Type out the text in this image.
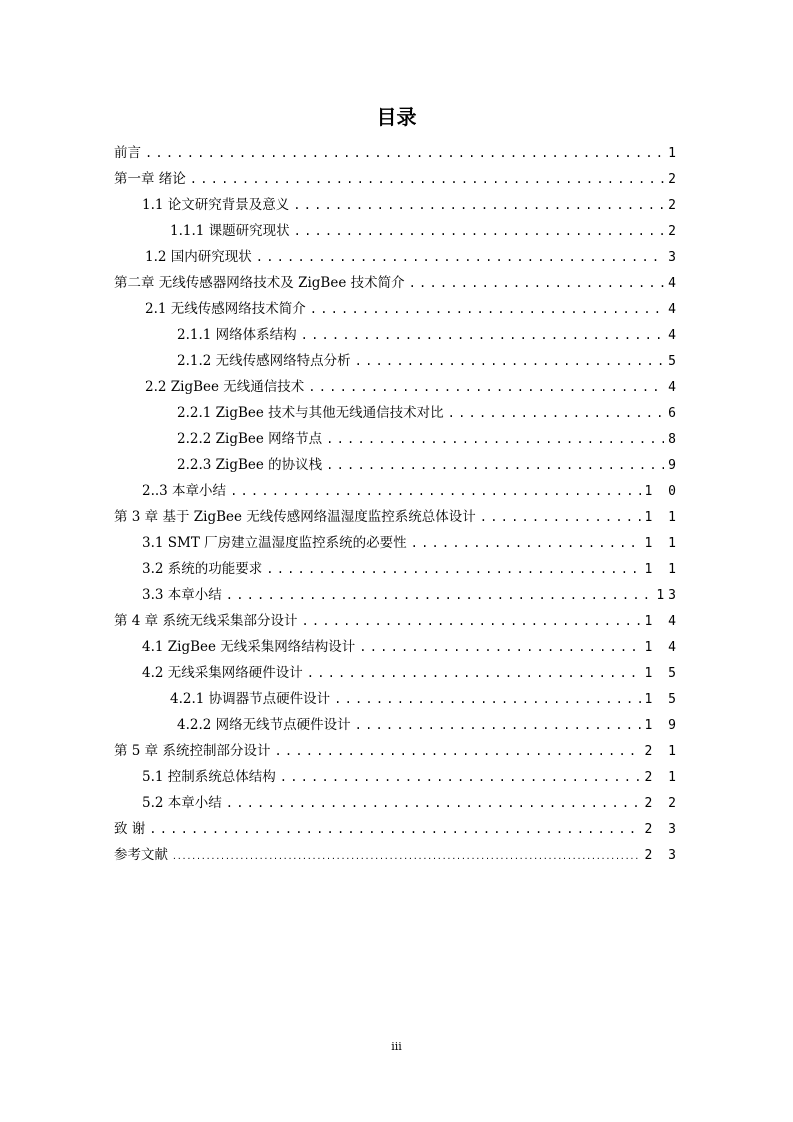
目录
前言 .....	1
第一章 绪论 .....	2
1.1 论文研究背景及意义 .....	2
1.1.1 课题研究现状 .....	2
1.2 国内研究现状 .....	3
第二章 无线传感器网络技术及 ZigBee 技术简介 .....	4
2.1 无线传感网络技术简介 .....	4
2.1.1 网络体系结构 .....	4
2.1.2 无线传感网络特点分析 .....	5
2.2 ZigBee 无线通信技术 .....	4
2.2.1 ZigBee 技术与其他无线通信技术对比 .....	6
2.2.2 ZigBee 网络节点 .....	8
2.2.3 ZigBee 的协议栈 .....	9
2..3 本章小结 .....	1 0
第 3 章 基于 ZigBee 无线传感网络温湿度监控系统总体设计 .....	1 1
3.1 SMT 厂房建立温湿度监控系统的必要性 .....	1 1
3.2 系统的功能要求 .....	1 1
3.3 本章小结 .....	13
第 4 章 系统无线采集部分设计 .....	1 4
4.1 ZigBee 无线采集网络结构设计 .....	1 4
4.2 无线采集网络硬件设计 .....	1 5
4.2.1 协调器节点硬件设计 .....	1 5
4.2.2 网络无线节点硬件设计 .....	1 9
第 5 章 系统控制部分设计 .....	2 1
5.1 控制系统总体结构 .....	2 1
5.2 本章小结 .....	2 2
致 谢 .....	2 3
参考文献 .....	2 3
iii
